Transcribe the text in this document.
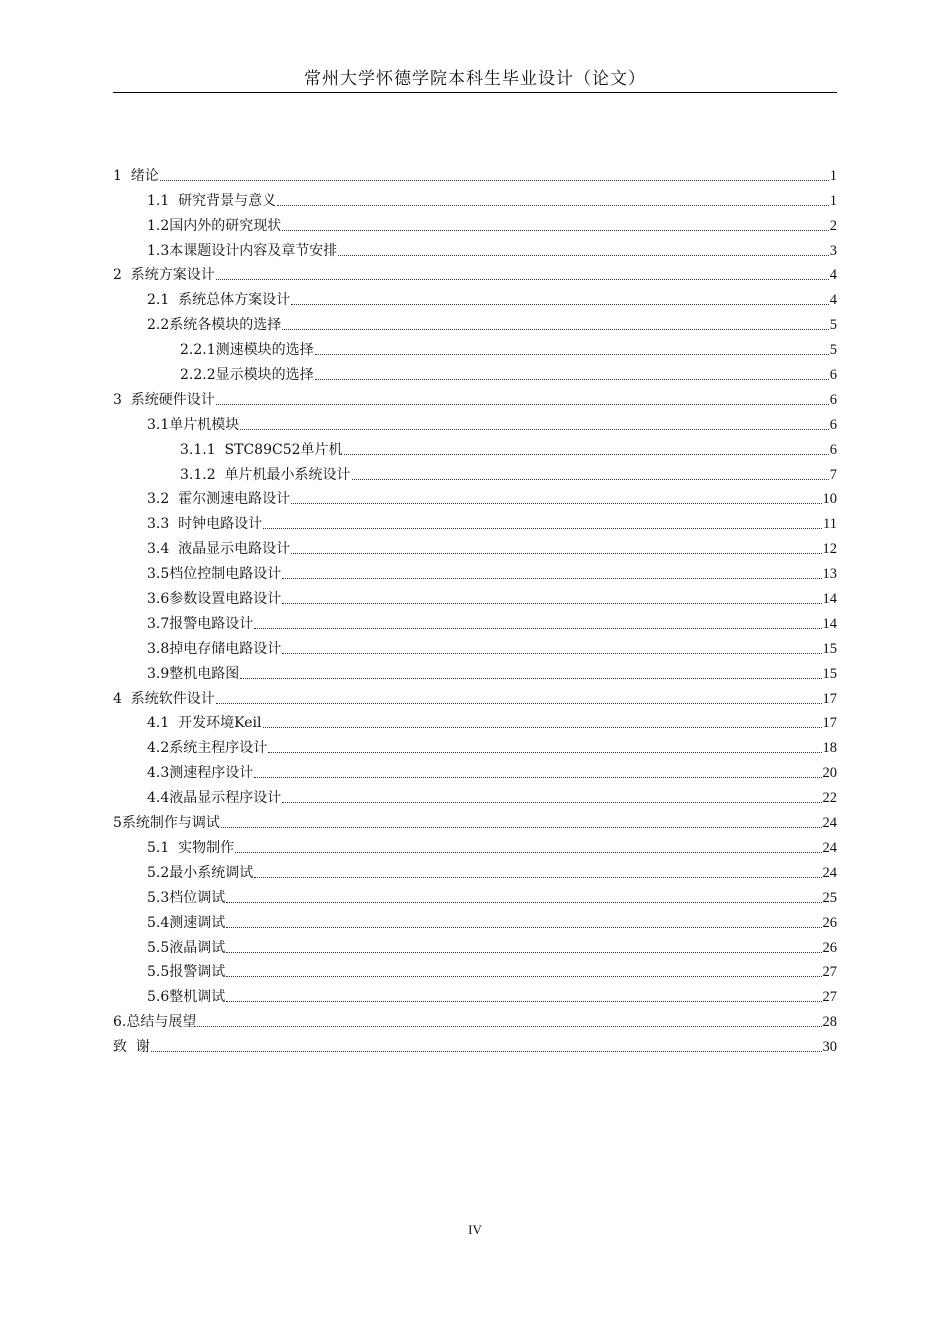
常州大学怀德学院本科生毕业设计（论文）
1  绪论	1
1.1  研究背景与意义	1
1.2国内外的研究现状	2
1.3本课题设计内容及章节安排	3
2  系统方案设计	4
2.1  系统总体方案设计	4
2.2系统各模块的选择	5
2.2.1测速模块的选择	5
2.2.2显示模块的选择	6
3  系统硬件设计	6
3.1单片机模块	6
3.1.1  STC89C52单片机	6
3.1.2  单片机最小系统设计	7
3.2  霍尔测速电路设计	10
3.3  时钟电路设计	11
3.4  液晶显示电路设计	12
3.5档位控制电路设计	13
3.6参数设置电路设计	14
3.7报警电路设计	14
3.8掉电存储电路设计	15
3.9整机电路图	15
4  系统软件设计	17
4.1  开发环境Keil	17
4.2系统主程序设计	18
4.3测速程序设计	20
4.4液晶显示程序设计	22
5系统制作与调试	24
5.1  实物制作	24
5.2最小系统调试	24
5.3档位调试	25
5.4测速调试	26
5.5液晶调试	26
5.5报警调试	27
5.6整机调试	27
6.总结与展望	28
致  谢	30
IV
